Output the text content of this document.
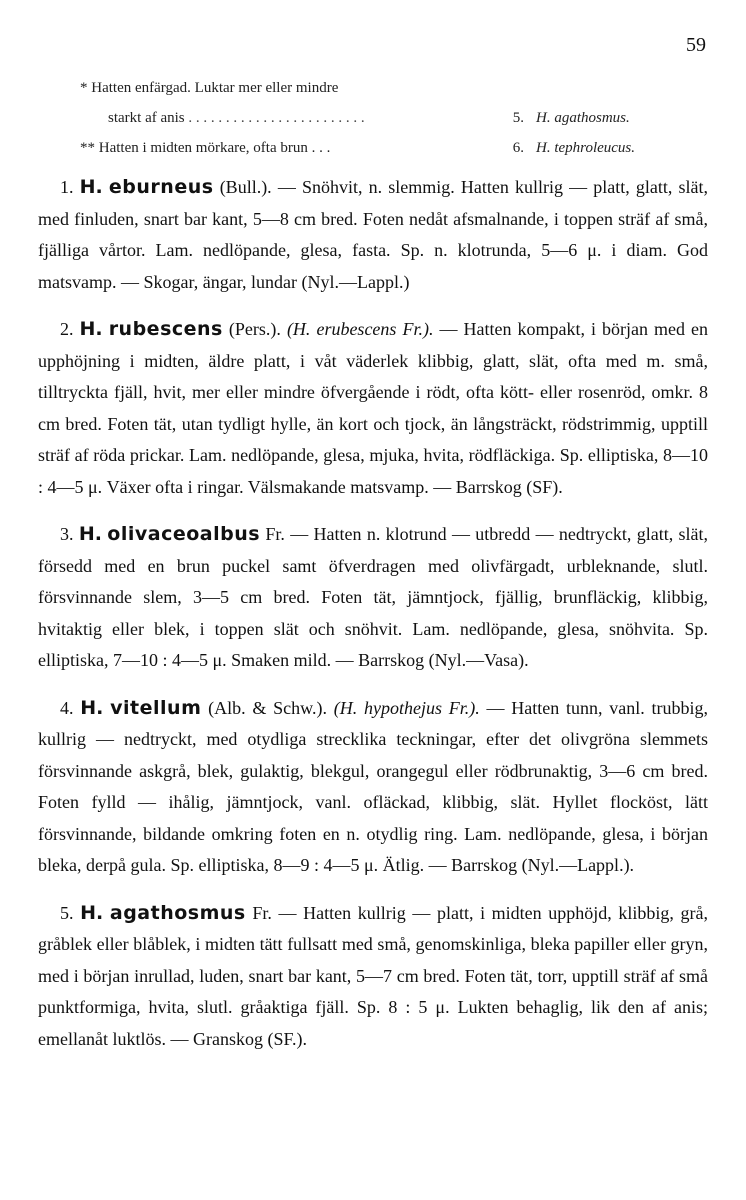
59
* Hatten enfärgad. Luktar mer eller mindre
starkt af anis . . .	5. H. agathosmus.
** Hatten i midten mörkare, ofta brun . . .	6. H. tephroleucus.

1. H. eburneus (Bull.). — Snöhvit, n. slemmig. Hatten kullrig — platt, glatt, slät, med finluden, snart bar kant, 5—8 cm bred. Foten nedåt afsmalnande, i toppen sträf af små, fjälliga vårtor. Lam. nedlöpande, glesa, fasta. Sp. n. klotrunda, 5—6 μ. i diam. God matsvamp. — Skogar, ängar, lundar (Nyl.—Lappl.)

2. H. rubescens (Pers.). (H. erubescens Fr.). — Hatten kompakt, i början med en upphöjning i midten, äldre platt, i våt väderlek klibbig, glatt, slät, ofta med m. små, tilltryckta fjäll, hvit, mer eller mindre öfvergående i rödt, ofta kött- eller rosenröd, omkr. 8 cm bred. Foten tät, utan tydligt hylle, än kort och tjock, än långsträckt, rödstrimmig, upptill sträf af röda prickar. Lam. nedlöpande, glesa, mjuka, hvita, rödfläckiga. Sp. elliptiska, 8—10 : 4—5 μ. Växer ofta i ringar. Välsmakande matsvamp. — Barrskog (SF).

3. H. olivaceoalbus Fr. — Hatten n. klotrund — utbredd — nedtryckt, glatt, slät, försedd med en brun puckel samt öfverdragen med olivfärgadt, urbleknande, slutl. försvinnande slem, 3—5 cm bred. Foten tät, jämntjock, fjällig, brunfläckig, klibbig, hvitaktig eller blek, i toppen slät och snöhvit. Lam. nedlöpande, glesa, snöhvita. Sp. elliptiska, 7—10 : 4—5 μ. Smaken mild. — Barrskog (Nyl.—Vasa).

4. H. vitellum (Alb. & Schw.). (H. hypothejus Fr.). — Hatten tunn, vanl. trubbig, kullrig — nedtryckt, med otydliga strecklika teckningar, efter det olivgröna slemmets försvinnande askgrå, blek, gulaktig, blekgul, orangegul eller rödbrunaktig, 3—6 cm bred. Foten fylld — ihålig, jämntjock, vanl. ofläckad, klibbig, slät. Hyllet flocköst, lätt försvinnande, bildande omkring foten en n. otydlig ring. Lam. nedlöpande, glesa, i början bleka, derpå gula. Sp. elliptiska, 8—9 : 4—5 μ. Ätlig. — Barrskog (Nyl.—Lappl.).

5. H. agathosmus Fr. — Hatten kullrig — platt, i midten upphöjd, klibbig, grå, gråblek eller blåblek, i midten tätt fullsatt med små, genomskinliga, bleka papiller eller gryn, med i början inrullad, luden, snart bar kant, 5—7 cm bred. Foten tät, torr, upptill sträf af små punktformiga, hvita, slutl. gråaktiga fjäll. Sp. 8 : 5 μ. Lukten behaglig, lik den af anis; emellanåt luktlös. — Granskog (SF.).
